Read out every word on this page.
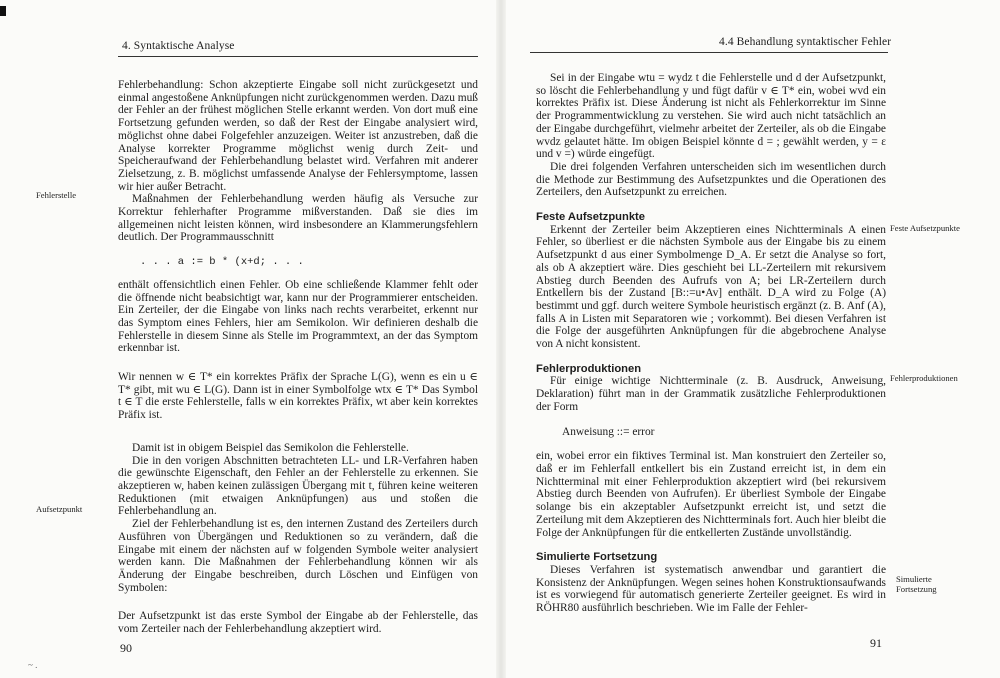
4. Syntaktische Analyse
Fehlerstelle
Aufsetzpunkt

Fehlerbehandlung: Schon akzeptierte Eingabe soll nicht zurückgesetzt und einmal angestoßene Anknüpfungen nicht zurückgenommen werden. Dazu muß der Fehler an der frühest möglichen Stelle erkannt werden. Von dort muß eine Fortsetzung gefunden werden, so daß der Rest der Eingabe analysiert wird, möglichst ohne dabei Folgefehler anzuzeigen. Weiter ist anzustreben, daß die Analyse korrekter Programme möglichst wenig durch Zeit- und Speicheraufwand der Fehlerbehandlung belastet wird. Verfahren mit anderer Zielsetzung, z. B. möglichst umfassende Analyse der Fehlersymptome, lassen wir hier außer Betracht.

Maßnahmen der Fehlerbehandlung werden häufig als Versuche zur Korrektur fehlerhafter Programme mißverstanden. Daß sie dies im allgemeinen nicht leisten können, wird insbesondere an Klammerungsfehlern deutlich. Der Programmausschnitt

. . . a := b * (x+d; . . .

enthält offensichtlich einen Fehler. Ob eine schließende Klammer fehlt oder die öffnende nicht beabsichtigt war, kann nur der Programmierer entscheiden. Ein Zerteiler, der die Eingabe von links nach rechts verarbeitet, erkennt nur das Symptom eines Fehlers, hier am Semikolon. Wir definieren deshalb die Fehlerstelle in diesem Sinne als Stelle im Programmtext, an der das Symptom erkennbar ist.

Wir nennen w ∈ T* ein korrektes Präfix der Sprache L(G), wenn es ein u ∈ T* gibt, mit wu ∈ L(G). Dann ist in einer Symbolfolge wtx ∈ T* Das Symbol t ∈ T die erste Fehlerstelle, falls w ein korrektes Präfix, wt aber kein korrektes Präfix ist.

Damit ist in obigem Beispiel das Semikolon die Fehlerstelle.

Die in den vorigen Abschnitten betrachteten LL- und LR-Verfahren haben die gewünschte Eigenschaft, den Fehler an der Fehlerstelle zu erkennen. Sie akzeptieren w, haben keinen zulässigen Übergang mit t, führen keine weiteren Reduktionen (mit etwaigen Anknüpfungen) aus und stoßen die Fehlerbehandlung an.

Ziel der Fehlerbehandlung ist es, den internen Zustand des Zerteilers durch Ausführen von Übergängen und Reduktionen so zu verändern, daß die Eingabe mit einem der nächsten auf w folgenden Symbole weiter analysiert werden kann. Die Maßnahmen der Fehlerbehandlung können wir als Änderung der Eingabe beschreiben, durch Löschen und Einfügen von Symbolen:

Der Aufsetzpunkt ist das erste Symbol der Eingabe ab der Fehlerstelle, das vom Zerteiler nach der Fehlerbehandlung akzeptiert wird.

90
~ .
4.4 Behandlung syntaktischer Fehler
Feste Aufsetzpunkte
Fehlerproduktionen
Simulierte
Fortsetzung

Sei in der Eingabe wtu = wydz t die Fehlerstelle und d der Aufsetzpunkt, so löscht die Fehlerbehandlung y und fügt dafür v ∈ T* ein, wobei wvd ein korrektes Präfix ist. Diese Änderung ist nicht als Fehlerkorrektur im Sinne der Programmentwicklung zu verstehen. Sie wird auch nicht tatsächlich an der Eingabe durchgeführt, vielmehr arbeitet der Zerteiler, als ob die Eingabe wvdz gelautet hätte. Im obigen Beispiel könnte d = ; gewählt werden, y = ε und v =) würde eingefügt.

Die drei folgenden Verfahren unterscheiden sich im wesentlichen durch die Methode zur Bestimmung des Aufsetzpunktes und die Operationen des Zerteilers, den Aufsetzpunkt zu erreichen.

Feste Aufsetzpunkte

Erkennt der Zerteiler beim Akzeptieren eines Nichtterminals A einen Fehler, so überliest er die nächsten Symbole aus der Eingabe bis zu einem Aufsetzpunkt d aus einer Symbolmenge D_A. Er setzt die Analyse so fort, als ob A akzeptiert wäre. Dies geschieht bei LL-Zerteilern mit rekursivem Abstieg durch Beenden des Aufrufs von A; bei LR-Zerteilern durch Entkellern bis der Zustand [B::=u•Av] enthält. D_A wird zu Folge (A) bestimmt und ggf. durch weitere Symbole heuristisch ergänzt (z. B. Anf (A), falls A in Listen mit Separatoren wie ; vorkommt). Bei diesen Verfahren ist die Folge der ausgeführten Anknüpfungen für die abgebrochene Analyse von A nicht konsistent.

Fehlerproduktionen

Für einige wichtige Nichtterminale (z. B. Ausdruck, Anweisung, Deklaration) führt man in der Grammatik zusätzliche Fehlerproduktionen der Form

Anweisung ::= error

ein, wobei error ein fiktives Terminal ist. Man konstruiert den Zerteiler so, daß er im Fehlerfall entkellert bis ein Zustand erreicht ist, in dem ein Nichtterminal mit einer Fehlerproduktion akzeptiert wird (bei rekursivem Abstieg durch Beenden von Aufrufen). Er überliest Symbole der Eingabe solange bis ein akzeptabler Aufsetzpunkt erreicht ist, und setzt die Zerteilung mit dem Akzeptieren des Nichtterminals fort. Auch hier bleibt die Folge der Anknüpfungen für die entkellerten Zustände unvollständig.

Simulierte Fortsetzung

Dieses Verfahren ist systematisch anwendbar und garantiert die Konsistenz der Anknüpfungen. Wegen seines hohen Konstruktionsaufwands ist es vorwiegend für automatisch generierte Zerteiler geeignet. Es wird in RÖHR80 ausführlich beschrieben. Wie im Falle der Fehler-

91
